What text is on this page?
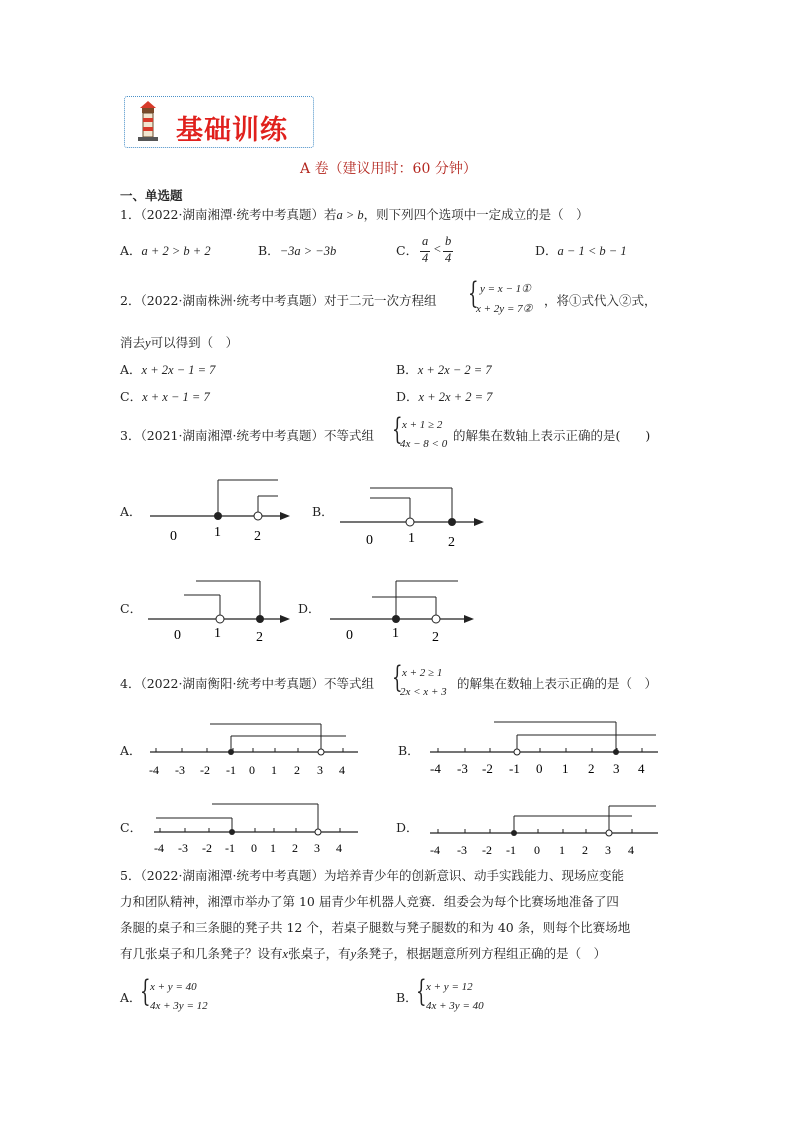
基础训练
A 卷（建议用时：60 分钟）
一、单选题
1．（2022·湖南湘潭·统考中考真题）若a > b，则下列四个选项中一定成立的是（　）
A．a + 2 > b + 2	B．−3a > −3b	C．
a
4
<
b
4	D．a − 1 < b − 1
2．（2022·湖南株洲·统考中考真题）对于二元一次方程组 { y = x − 1①
x + 2y = 7②
，将①式代入②式，
消去y可以得到（　）
A．x + 2x − 1 = 7	B．x + 2x − 2 = 7
C．x + x − 1 = 7	D．x + 2x + 2 = 7
3．（2021·湖南湘潭·统考中考真题）不等式组 { x + 1 ≥ 2
4x − 8 < 0
的解集在数轴上表示正确的是(　　)
A．
0	1 2
B．
0	1 2
C．
0 1	2
D．
0	1 2
4．（2022·湖南衡阳·统考中考真题）不等式组 { x + 2 ≥ 1
2x < x + 3
的解集在数轴上表示正确的是（　）
A．
-4 -3 -2 -1 0 1 2 3 4
B．
-4 -3 -2 -1 0 1 2 3 4
C．
-4 -3 -2 -1 0 1 2 3 4
D．
-4 -3 -2 -1 0 1 2 3 4
5．（2022·湖南湘潭·统考中考真题）为培养青少年的创新意识、动手实践能力、现场应变能
力和团队精神，湘潭市举办了第 10 届青少年机器人竞赛．组委会为每个比赛场地准备了四
条腿的桌子和三条腿的凳子共 12 个，若桌子腿数与凳子腿数的和为 40 条，则每个比赛场地
有几张桌子和几条凳子？设有x张桌子，有y条凳子，根据题意所列方程组正确的是（　）
A．
{ x + y = 40
4x + 3y = 12
B．
{ x + y = 12
4x + 3y = 40
